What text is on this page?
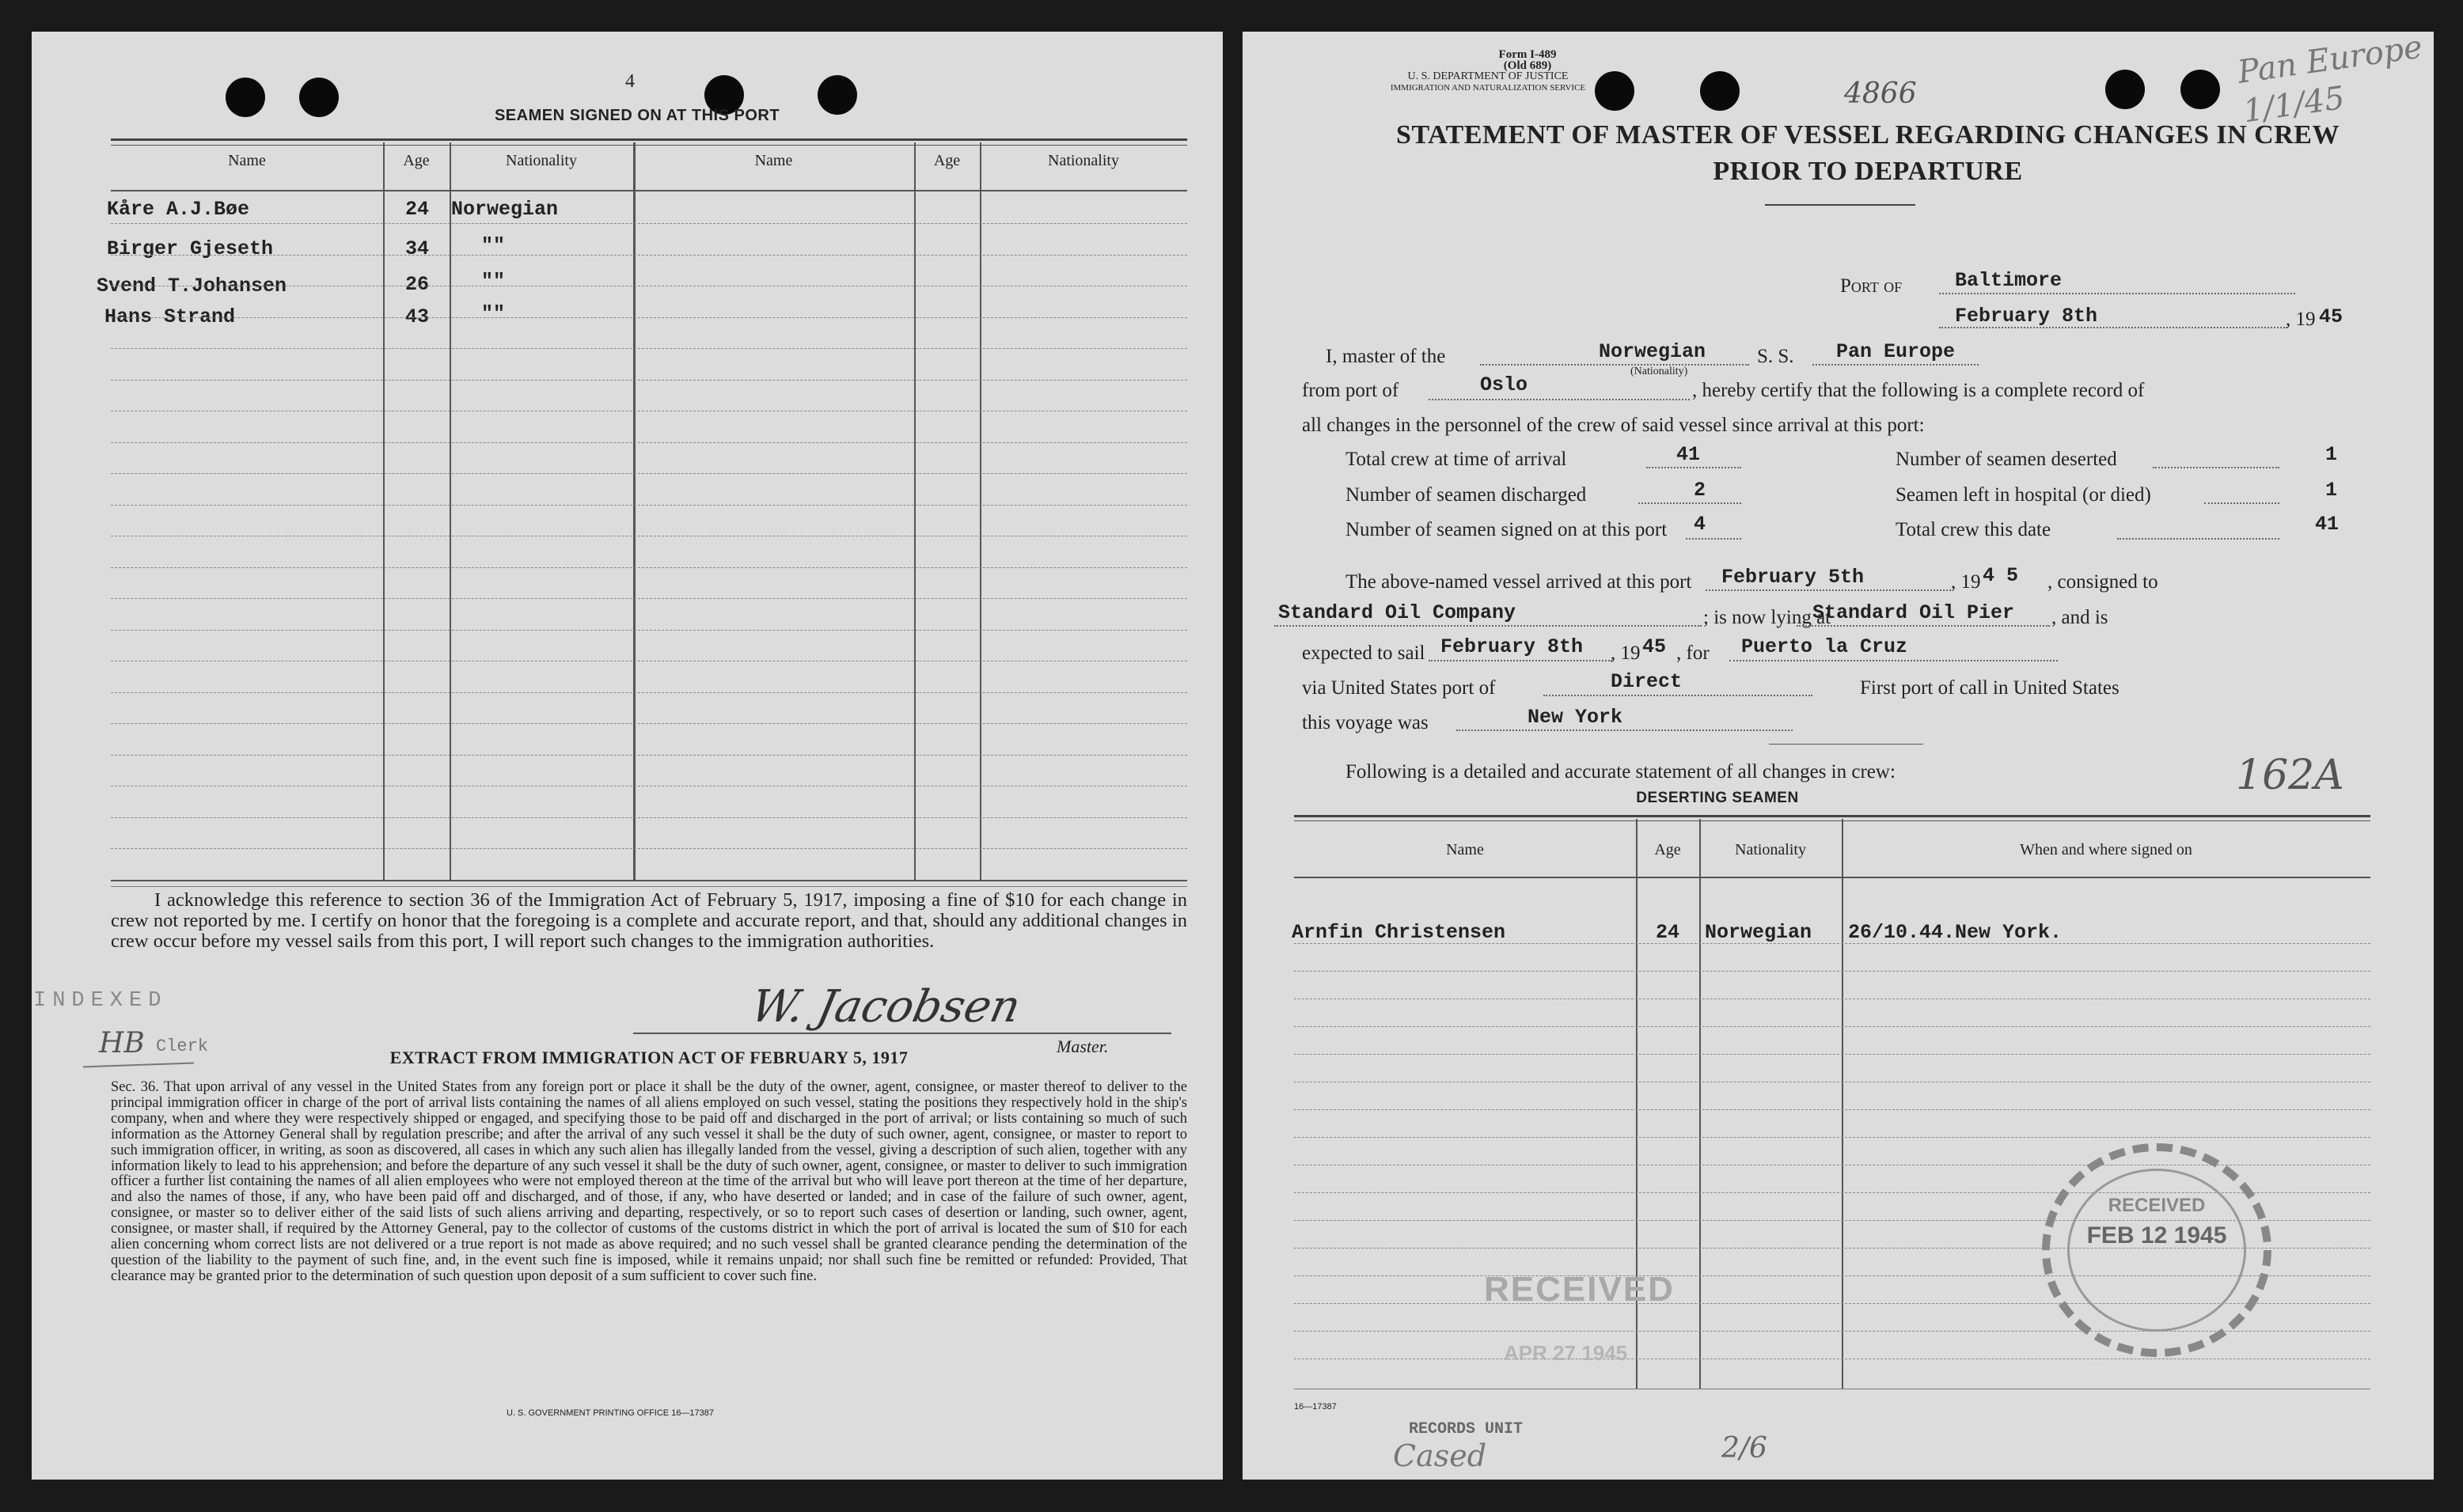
4
SEAMEN SIGNED ON AT THIS PORT
Name	Age	Nationality	Name	Age	Nationality
Kåre A.J.Bøe	24 Norwegian
Birger Gjeseth	34	""
Svend T.Johansen	26	""
Hans Strand	43	""
I acknowledge this reference to section 36 of the Immigration Act of February 5, 1917, imposing a fine of $10 for each change in crew not reported by me. I certify on honor that the foregoing is a complete and accurate report, and that, should any additional changes in crew occur before my vessel sails from this port, I will report such changes to the immigration authorities.
W. Jacobsen
Master.
INDEXED
HB Clerk
EXTRACT FROM IMMIGRATION ACT OF FEBRUARY 5, 1917
Sec. 36. That upon arrival of any vessel in the United States from any foreign port or place it shall be the duty of the owner, agent, consignee, or master thereof to deliver to the principal immigration officer in charge of the port of arrival lists containing the names of all aliens employed on such vessel, stating the positions they respectively hold in the ship's company, when and where they were respectively shipped or engaged, and specifying those to be paid off and discharged in the port of arrival; or lists containing so much of such information as the Attorney General shall by regulation prescribe; and after the arrival of any such vessel it shall be the duty of such owner, agent, consignee, or master to report to such immigration officer, in writing, as soon as discovered, all cases in which any such alien has illegally landed from the vessel, giving a description of such alien, together with any information likely to lead to his apprehension; and before the departure of any such vessel it shall be the duty of such owner, agent, consignee, or master to deliver to such immigration officer a further list containing the names of all alien employees who were not employed thereon at the time of the arrival but who will leave port thereon at the time of her departure, and also the names of those, if any, who have been paid off and discharged, and of those, if any, who have deserted or landed; and in case of the failure of such owner, agent, consignee, or master so to deliver either of the said lists of such aliens arriving and departing, respectively, or so to report such cases of desertion or landing, such owner, agent, consignee, or master shall, if required by the Attorney General, pay to the collector of customs of the customs district in which the port of arrival is located the sum of $10 for each alien concerning whom correct lists are not delivered or a true report is not made as above required; and no such vessel shall be granted clearance pending the determination of the question of the liability to the payment of such fine, and, in the event such fine is imposed, while it remains unpaid; nor shall such fine be remitted or refunded: Provided, That clearance may be granted prior to the determination of such question upon deposit of a sum sufficient to cover such fine.
U. S. GOVERNMENT PRINTING OFFICE 16—17387
Form I-489
(Old 689)
U. S. DEPARTMENT OF JUSTICE
IMMIGRATION AND NATURALIZATION SERVICE	4866
Pan Europe 1/1/45
STATEMENT OF MASTER OF VESSEL REGARDING CHANGES IN CREW
PRIOR TO DEPARTURE
Port of	Baltimore
February 8th	, 19 45
I, master of the	Norwegian
(Nationality)
S. S. Pan Europe
from port of	Oslo	, hereby certify that the following is a complete record of
all changes in the personnel of the crew of said vessel since arrival at this port:
Total crew at time of arrival	41
Number of seamen discharged	2
Number of seamen signed on at this port 4
Number of seamen deserted	1
Seamen left in hospital (or died)	1
Total crew this date	41
The above-named vessel arrived at this port February 5th	, 19 4 5 , consigned to
Standard Oil Company	; is now lying at
Standard Oil Pier , and is
expected to sail February 8th , 19 45 , for Puerto la Cruz
via United States port of	Direct	First port of call in United States
this voyage was	New York
Following is a detailed and accurate statement of all changes in crew:	162A
DESERTING SEAMEN
Name	Age	Nationality	When and where signed on
Arnfin Christensen	24 Norwegian 26/10.44.New York.
RECEIVED
APR 27 1945
RECEIVED
FEB 12 1945
16—17387
RECORDS UNIT
Cased	2/6
